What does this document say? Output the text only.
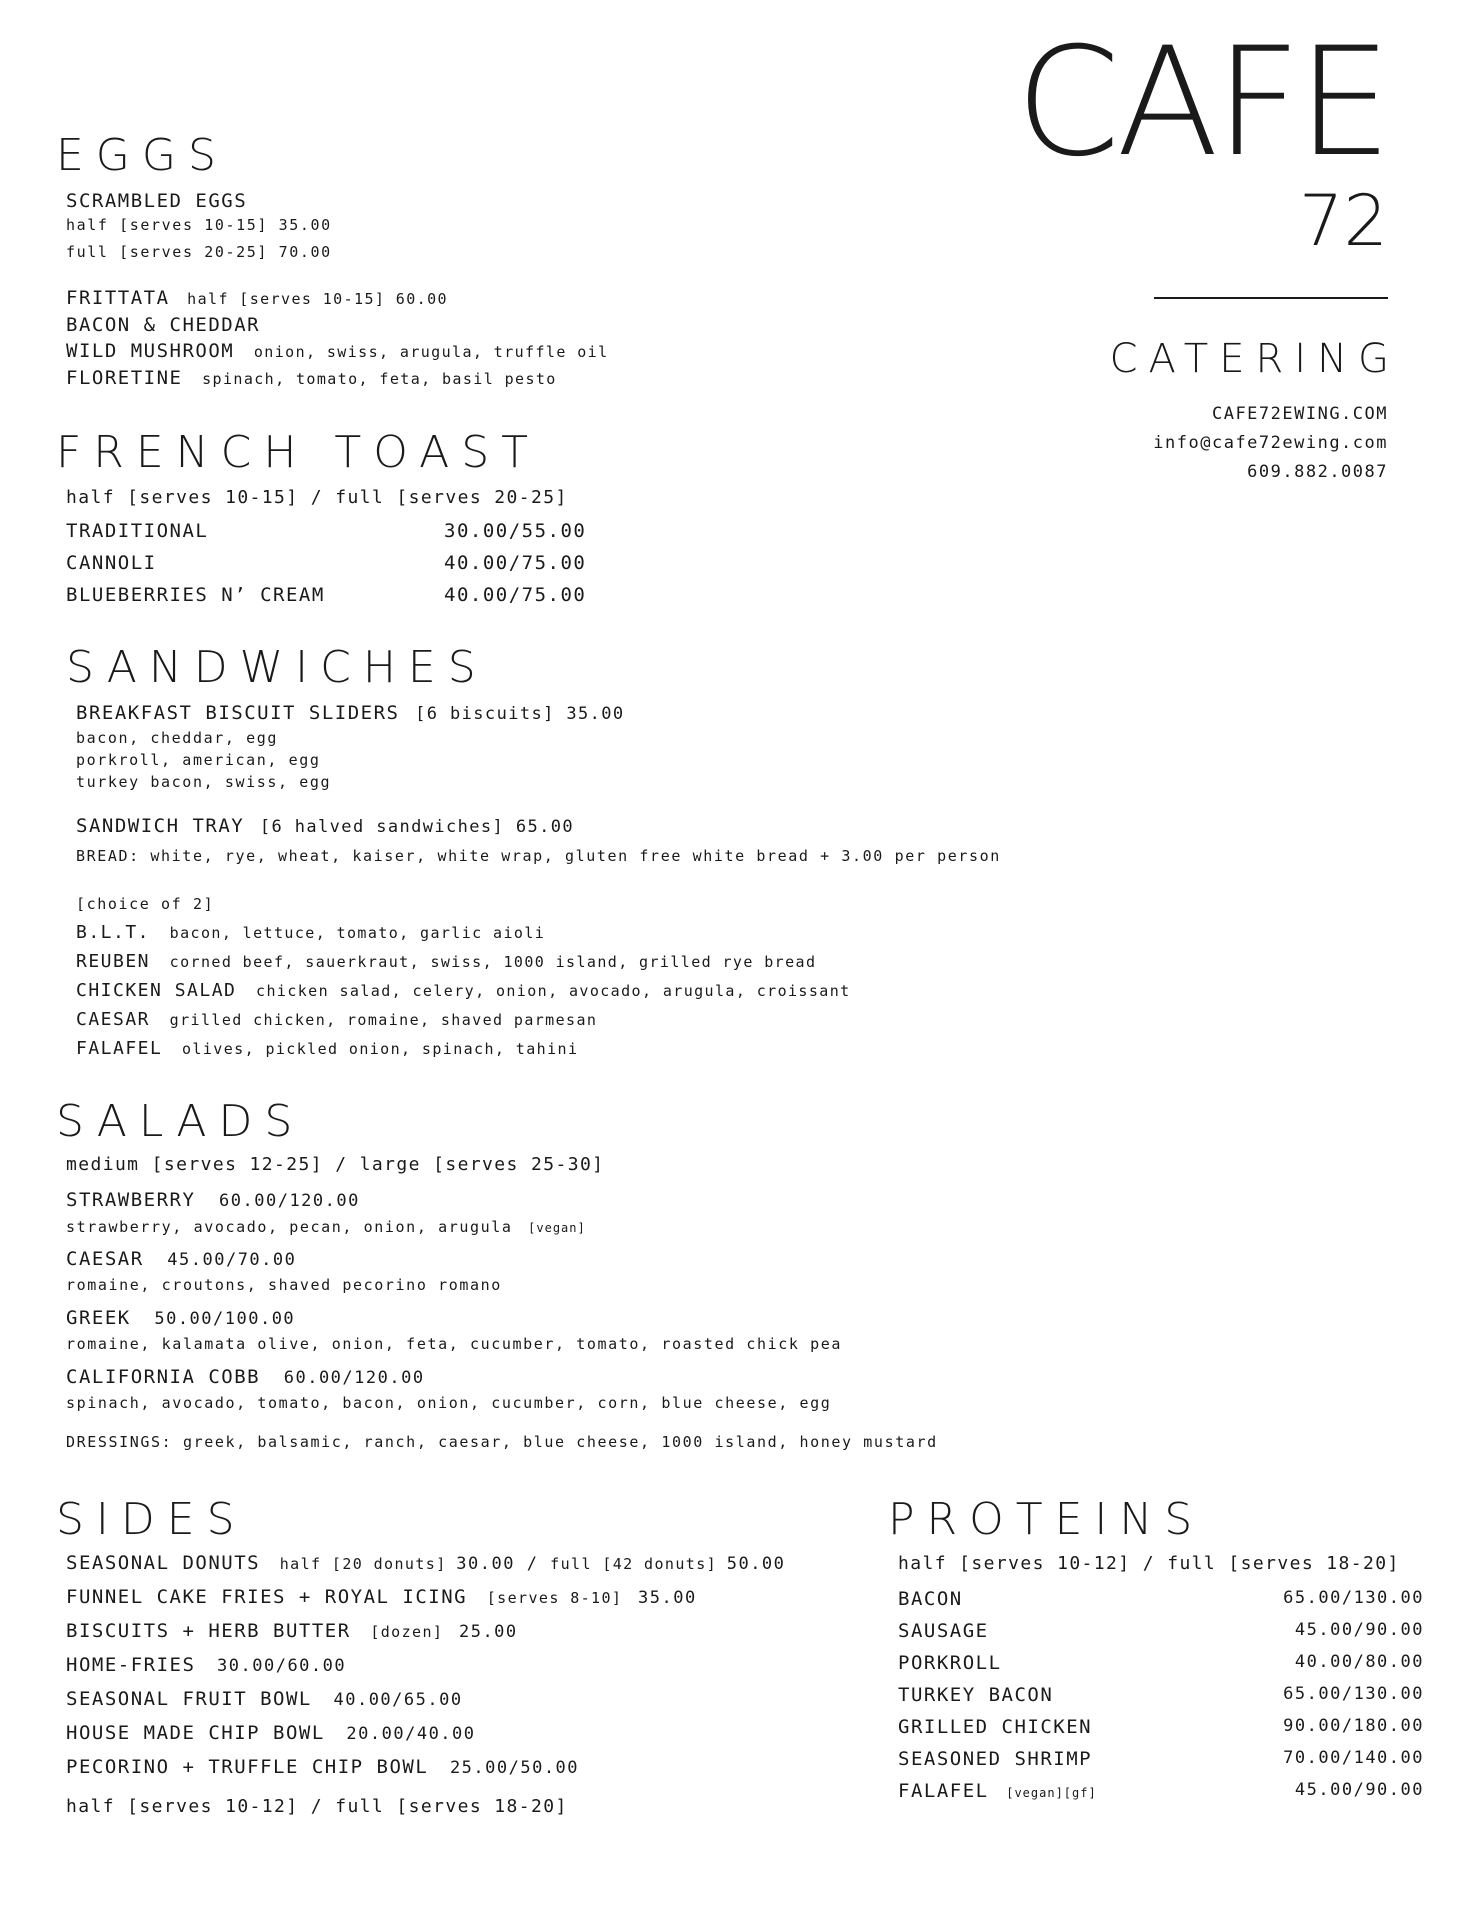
CAFE
72
CATERING
CAFE72EWING.COM
info@cafe72ewing.com
609.882.0087
EGGS
SCRAMBLED EGGS
half [serves 10-15] 35.00
full [serves 20-25] 70.00
FRITTATA half [serves 10-15] 60.00
BACON & CHEDDAR
WILD MUSHROOM onion, swiss, arugula, truffle oil
FLORETINE spinach, tomato, feta, basil pesto
FRENCH TOAST
half [serves 10-15] / full [serves 20-25]
TRADITIONAL	30.00/55.00
CANNOLI	40.00/75.00
BLUEBERRIES N’ CREAM	40.00/75.00
SANDWICHES
BREAKFAST BISCUIT SLIDERS [6 biscuits] 35.00
bacon, cheddar, egg
porkroll, american, egg
turkey bacon, swiss, egg
SANDWICH TRAY [6 halved sandwiches] 65.00
BREAD: white, rye, wheat, kaiser, white wrap, gluten free white bread + 3.00 per person
[choice of 2]
B.L.T. bacon, lettuce, tomato, garlic aioli
REUBEN corned beef, sauerkraut, swiss, 1000 island, grilled rye bread
CHICKEN SALAD chicken salad, celery, onion, avocado, arugula, croissant
CAESAR grilled chicken, romaine, shaved parmesan
FALAFEL olives, pickled onion, spinach, tahini
SALADS
medium [serves 12-25] / large [serves 25-30]
STRAWBERRY 60.00/120.00
strawberry, avocado, pecan, onion, arugula [vegan]
CAESAR 45.00/70.00
romaine, croutons, shaved pecorino romano
GREEK 50.00/100.00
romaine, kalamata olive, onion, feta, cucumber, tomato, roasted chick pea
CALIFORNIA COBB 60.00/120.00
spinach, avocado, tomato, bacon, onion, cucumber, corn, blue cheese, egg
DRESSINGS: greek, balsamic, ranch, caesar, blue cheese, 1000 island, honey mustard
SIDES
SEASONAL DONUTS half [20 donuts] 30.00 / full [42 donuts] 50.00
FUNNEL CAKE FRIES + ROYAL ICING [serves 8-10] 35.00
BISCUITS + HERB BUTTER [dozen] 25.00
HOME-FRIES 30.00/60.00
SEASONAL FRUIT BOWL 40.00/65.00
HOUSE MADE CHIP BOWL 20.00/40.00
PECORINO + TRUFFLE CHIP BOWL 25.00/50.00
half [serves 10-12] / full [serves 18-20]
PROTEINS
half [serves 10-12] / full [serves 18-20]
BACON	65.00/130.00
SAUSAGE	45.00/90.00
PORKROLL	40.00/80.00
TURKEY BACON	65.00/130.00
GRILLED CHICKEN	90.00/180.00
SEASONED SHRIMP	70.00/140.00
FALAFEL [vegan][gf]	45.00/90.00
